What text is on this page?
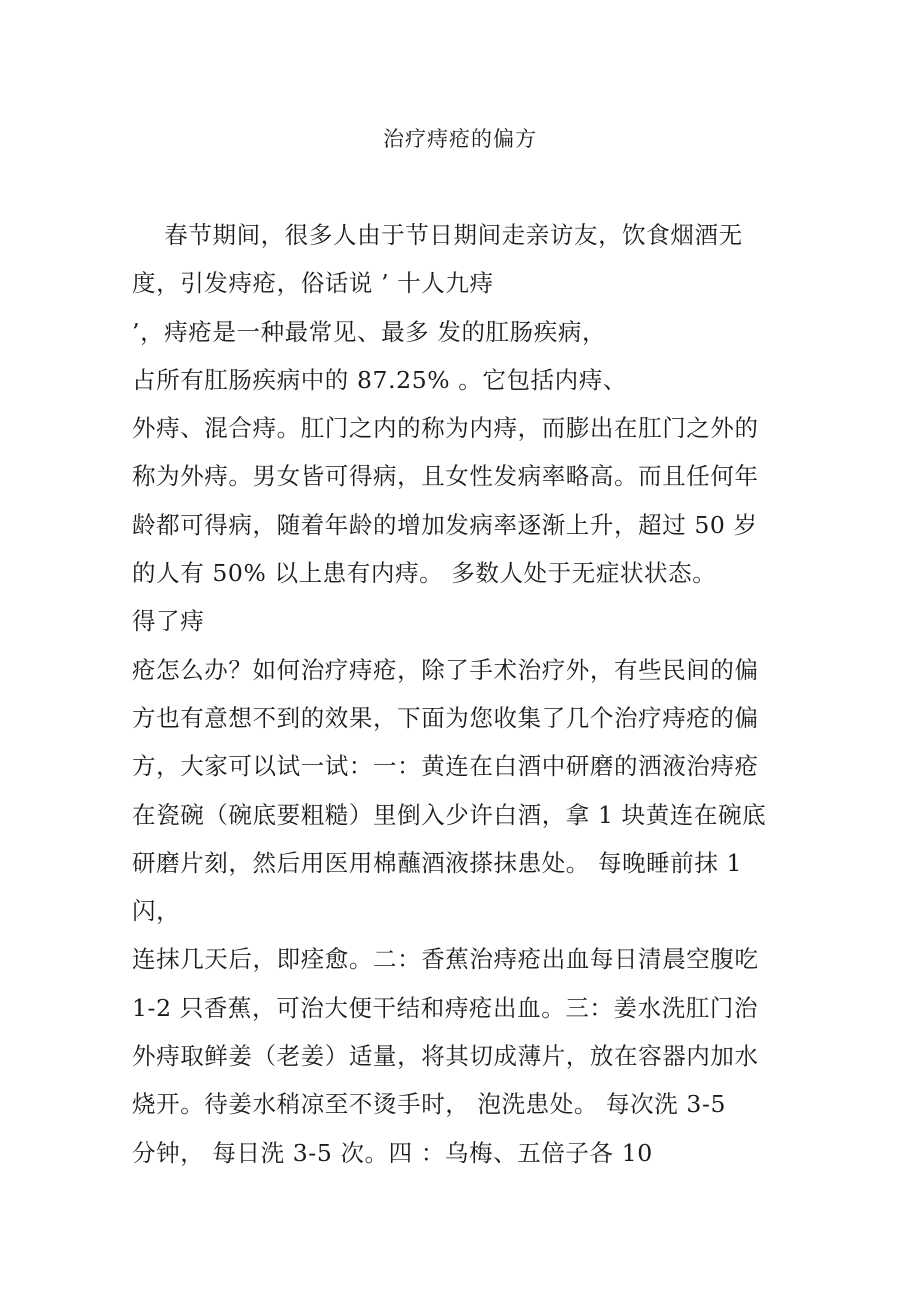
治疗痔疮的偏方
春节期间，很多人由于节日期间走亲访友，饮食烟酒无
度，引发痔疮，俗话说 ’ 十人九痔
’，痔疮是一种最常见、最多 发的肛肠疾病，
占所有肛肠疾病中的 87.25% 。它包括内痔、
外痔、混合痔。肛门之内的称为内痔，而膨出在肛门之外的
称为外痔。男女皆可得病，且女性发病率略高。而且任何年
龄都可得病，随着年龄的增加发病率逐渐上升，超过 50 岁
的人有 50% 以上患有内痔。 多数人处于无症状状态。
得了痔
疮怎么办？如何治疗痔疮，除了手术治疗外，有些民间的偏
方也有意想不到的效果，下面为您收集了几个治疗痔疮的偏
方，大家可以试一试：一：黄连在白酒中研磨的洒液治痔疮
在瓷碗（碗底要粗糙）里倒入少许白酒，拿 1 块黄连在碗底
研磨片刻，然后用医用棉蘸酒液搽抹患处。 每晚睡前抹 1
闪，
连抹几天后，即痊愈。二：香蕉治痔疮出血每日清晨空腹吃
1-2 只香蕉，可治大便干结和痔疮出血。三：姜水洗肛门治
外痔取鲜姜（老姜）适量，将其切成薄片，放在容器内加水
烧开。待姜水稍凉至不烫手时， 泡洗患处。 每次洗 3-5
分钟， 每日洗 3-5 次。四 ：乌梅、五倍子各 10
